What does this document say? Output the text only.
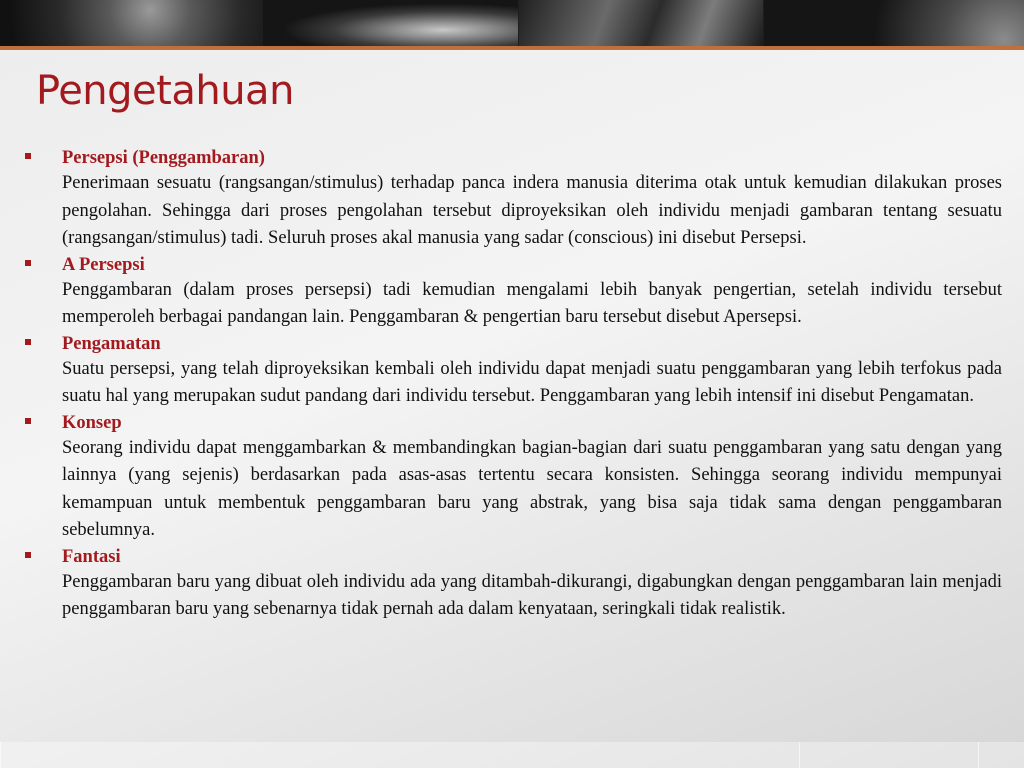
Pengetahuan
Persepsi (Penggambaran)
Penerimaan sesuatu (rangsangan/stimulus) terhadap panca indera manusia diterima otak untuk kemudian dilakukan proses pengolahan. Sehingga dari proses pengolahan tersebut diproyeksikan oleh individu menjadi gambaran tentang sesuatu (rangsangan/stimulus) tadi. Seluruh proses akal manusia yang sadar (conscious) ini disebut Persepsi.
A Persepsi
Penggambaran (dalam proses persepsi) tadi kemudian mengalami lebih banyak pengertian, setelah individu tersebut memperoleh berbagai pandangan lain. Penggambaran & pengertian baru tersebut disebut Apersepsi.
Pengamatan
Suatu persepsi, yang telah diproyeksikan kembali oleh individu dapat menjadi suatu penggambaran yang lebih terfokus pada suatu hal yang merupakan sudut pandang dari individu tersebut. Penggambaran yang lebih intensif ini disebut Pengamatan.
Konsep
Seorang individu dapat menggambarkan & membandingkan bagian-bagian dari suatu penggambaran yang satu dengan yang lainnya (yang sejenis) berdasarkan pada asas-asas tertentu secara konsisten. Sehingga seorang individu mempunyai kemampuan untuk membentuk penggambaran baru yang abstrak, yang bisa saja tidak sama dengan penggambaran sebelumnya.
Fantasi
Penggambaran baru yang dibuat oleh individu ada yang ditambah-dikurangi, digabungkan dengan penggambaran lain menjadi penggambaran baru yang sebenarnya tidak pernah ada dalam kenyataan, seringkali tidak realistik.
